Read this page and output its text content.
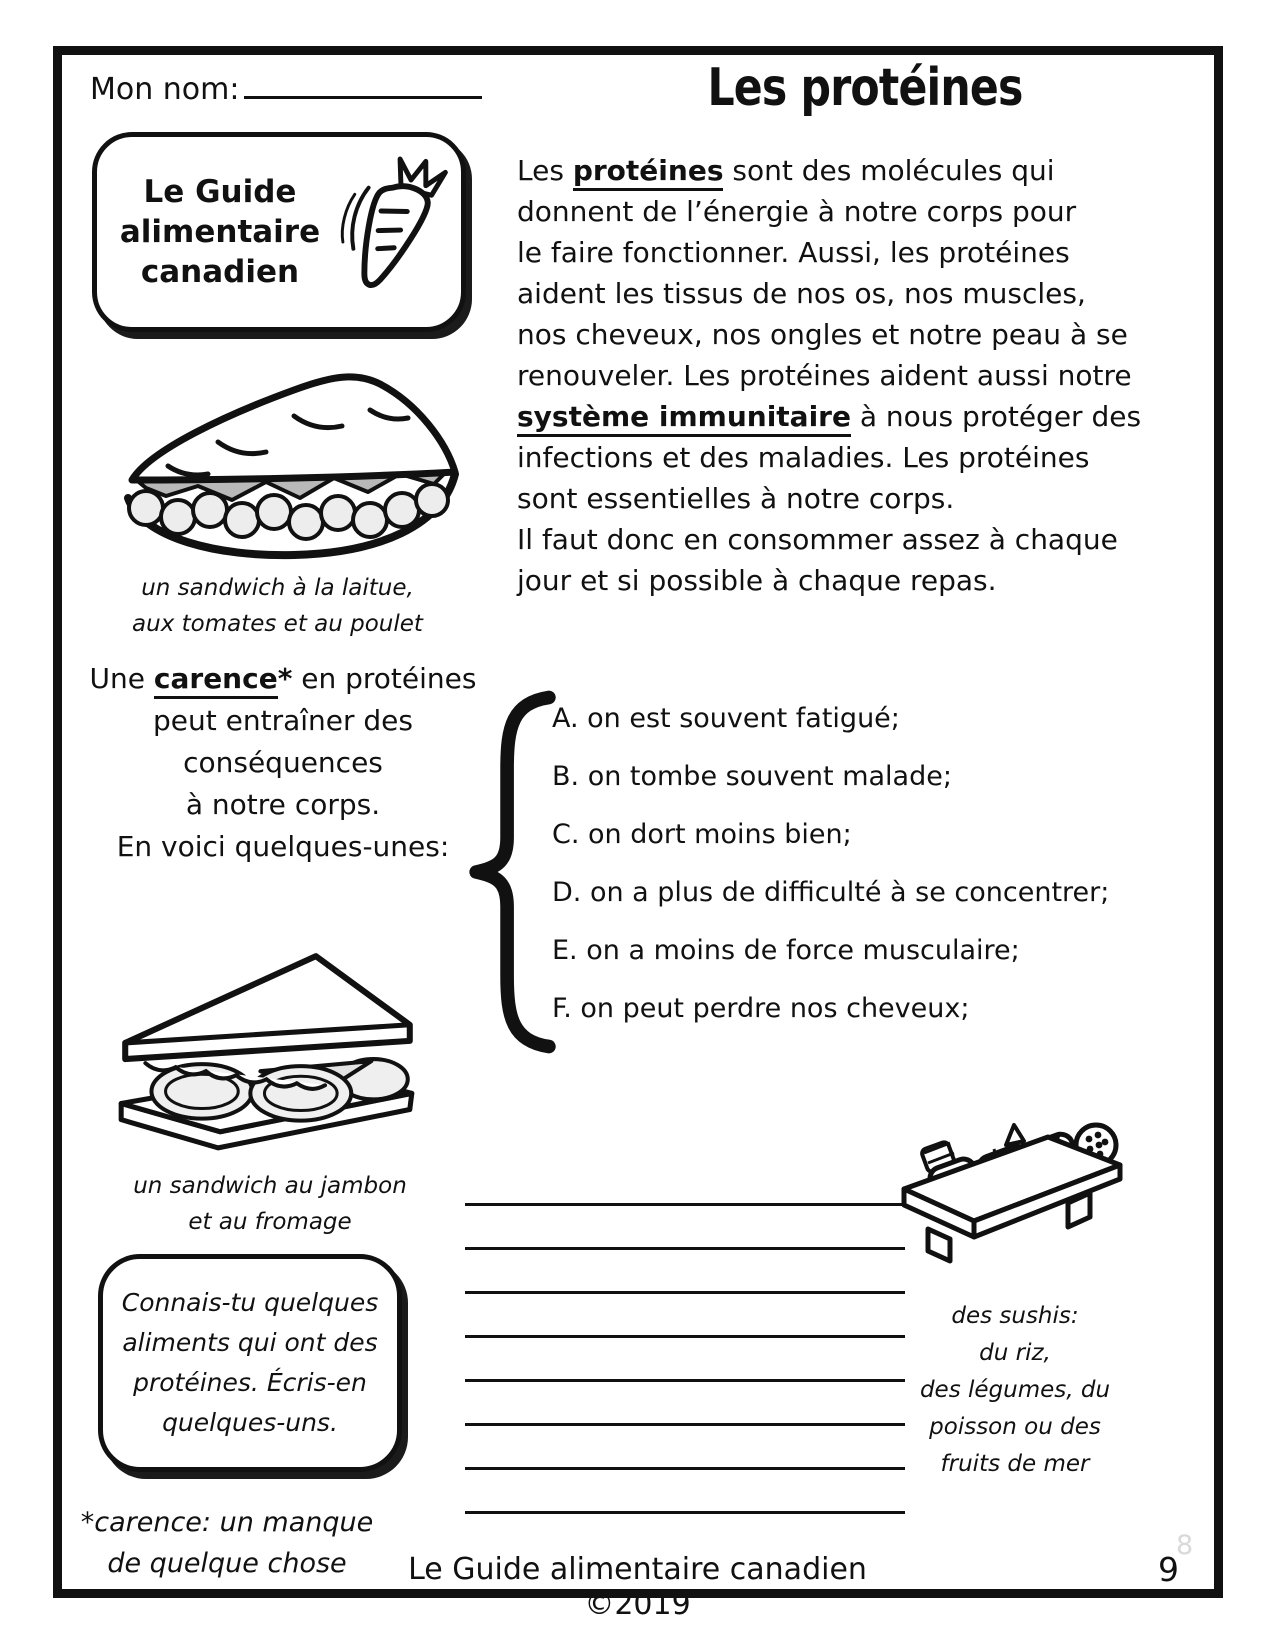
Mon nom:	Les protéines
Le Guide
alimentaire
canadien
Les protéines sont des molécules qui
donnent de l’énergie à notre corps pour
le faire fonctionner. Aussi, les protéines
aident les tissus de nos os, nos muscles,
nos cheveux, nos ongles et notre peau à se
renouveler. Les protéines aident aussi notre
système immunitaire à nous protéger des
infections et des maladies. Les protéines
sont essentielles à notre corps.
Il faut donc en consommer assez à chaque
jour et si possible à chaque repas.
un sandwich à la laitue,
aux tomates et au poulet
Une carence* en protéines
peut entraîner des
conséquences
à notre corps.
En voici quelques-unes:
A. on est souvent fatigué;
B. on tombe souvent malade;
C. on dort moins bien;
D. on a plus de difficulté à se concentrer;
E. on a moins de force musculaire;
F. on peut perdre nos cheveux;
un sandwich au jambon
et au fromage
Connais-tu quelques
aliments qui ont des
protéines. Écris-en
quelques-uns.
des sushis:
du riz,
des légumes, du
poisson ou des
fruits de mer
*carence: un manque
de quelque chose	Le Guide alimentaire canadien ©2019
8
9
